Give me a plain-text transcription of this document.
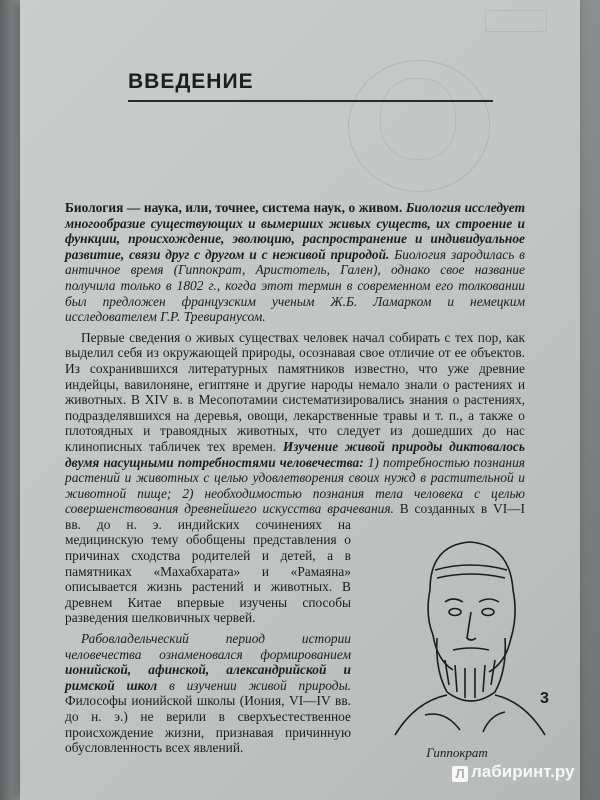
ВВЕДЕНИЕ

Биология — наука, или, точнее, система наук, о живом. Биология исследует многообразие существующих и вымерших живых существ, их строение и функции, происхождение, эволюцию, распространение и индивидуальное развитие, связи друг с другом и с неживой природой. Биология зародилась в античное время (Гиппократ, Аристотель, Гален), однако свое название получила только в 1802 г., когда этот термин в современном его толковании был предложен французским ученым Ж.Б. Ламарком и немецким исследователем Г.Р. Тревиранусом.

Первые сведения о живых существах человек начал собирать с тех пор, как выделил себя из окружающей природы, осознавая свое отличие от ее объектов. Из сохранившихся литературных памятников известно, что уже древние индейцы, вавилоняне, египтяне и другие народы немало знали о растениях и животных. В XIV в. в Месопотамии систематизировались знания о растениях, подразделявшихся на деревья, овощи, лекарственные травы и т. п., а также о плотоядных и травоядных животных, что следует из дошедших до нас клинописных табличек тех времен. Изучение живой природы диктовалось двумя насущными потребностями человечества: 1) потребностью познания растений и животных с целью удовлетворения своих нужд в растительной и животной пище; 2) необходимостью познания тела человека с целью совершенствования древнейшего искусства врачевания.
Гиппократ
В созданных в VI—I вв. до н. э. индийских сочинениях на медицинскую тему обобщены представления о причинах сходства родителей и детей, а в памятниках «Махабхарата» и «Рамаяна» описывается жизнь растений и животных. В древнем Китае впервые изучены способы разведения шелковичных червей.

Рабовладельческий период истории человечества ознаменовался формированием ионийской, афинской, александрийской и римской школ в изучении живой природы. Философы ионийской школы (Иония, VI—IV вв. до н. э.) не верили в сверхъестественное происхождение жизни, признавая причинную обусловленность всех явлений.

3
Л лабиринт.ру
